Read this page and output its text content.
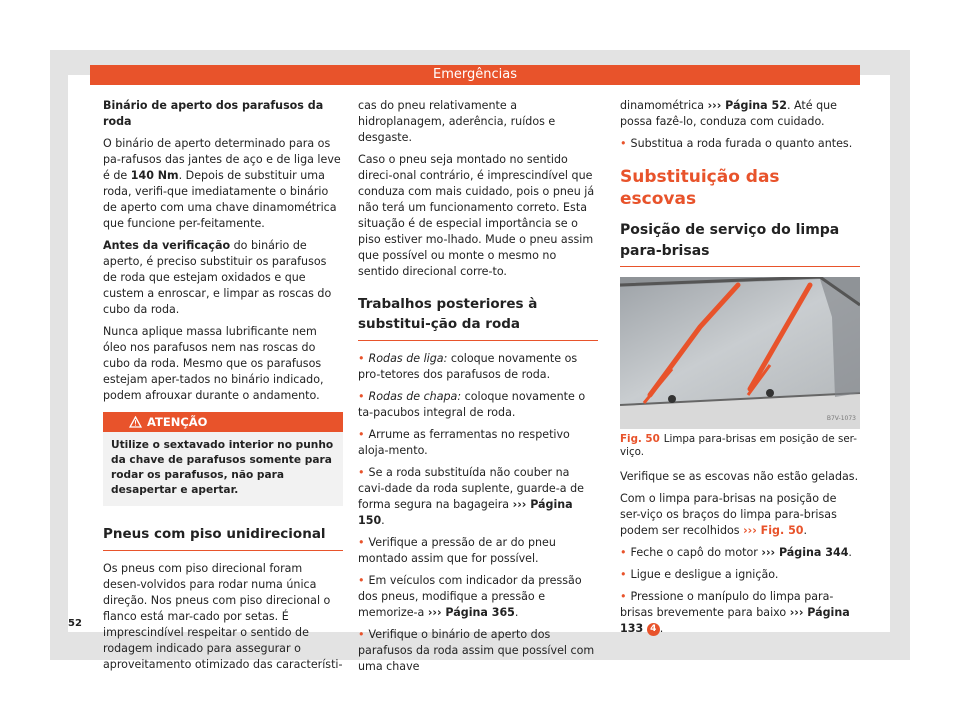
Emergências

Binário de aperto dos parafusos da roda

O binário de aperto determinado para os pa-rafusos das jantes de aço e de liga leve é de 140 Nm. Depois de substituir uma roda, verifi-que imediatamente o binário de aperto com uma chave dinamométrica que funcione per-feitamente.

Antes da verificação do binário de aperto, é preciso substituir os parafusos de roda que estejam oxidados e que custem a enroscar, e limpar as roscas do cubo da roda.

Nunca aplique massa lubrificante nem óleo nos parafusos nem nas roscas do cubo da roda. Mesmo que os parafusos estejam aper-tados no binário indicado, podem afrouxar durante o andamento.

ATENÇÃO
Utilize o sextavado interior no punho da chave de parafusos somente para rodar os parafusos, não para desapertar e apertar.
Pneus com piso unidirecional

Os pneus com piso direcional foram desen-volvidos para rodar numa única direção. Nos pneus com piso direcional o flanco está mar-cado por setas. É imprescindível respeitar o sentido de rodagem indicado para assegurar o aproveitamento otimizado das característi-

cas do pneu relativamente a hidroplanagem, aderência, ruídos e desgaste.

Caso o pneu seja montado no sentido direci-onal contrário, é imprescindível que conduza com mais cuidado, pois o pneu já não terá um funcionamento correto. Esta situação é de especial importância se o piso estiver mo-lhado. Mude o pneu assim que possível ou monte o mesmo no sentido direcional corre-to.

Trabalhos posteriores à substitui-ção da roda

• Rodas de liga: coloque novamente os pro-tetores dos parafusos de roda.

• Rodas de chapa: coloque novamente o ta-pacubos integral de roda.

• Arrume as ferramentas no respetivo aloja-mento.

• Se a roda substituída não couber na cavi-dade da roda suplente, guarde-a de forma segura na bagageira ››› Página 150.

• Verifique a pressão de ar do pneu montado assim que for possível.

• Em veículos com indicador da pressão dos pneus, modifique a pressão e memorize-a ››› Página 365.

• Verifique o binário de aperto dos parafusos da roda assim que possível com uma chave

dinamométrica ››› Página 52. Até que possa fazê-lo, conduza com cuidado.

• Substitua a roda furada o quanto antes.

Substituição das escovas
Posição de serviço do limpa para-brisas
B7V-1073

Fig. 50 Limpa para-brisas em posição de ser-viço.

Verifique se as escovas não estão geladas.

Com o limpa para-brisas na posição de ser-viço os braços do limpa para-brisas podem ser recolhidos ››› Fig. 50.

• Feche o capô do motor ››› Página 344.

• Ligue e desligue a ignição.

• Pressione o manípulo do limpa para-brisas brevemente para baixo ››› Página 133 4 .

52
